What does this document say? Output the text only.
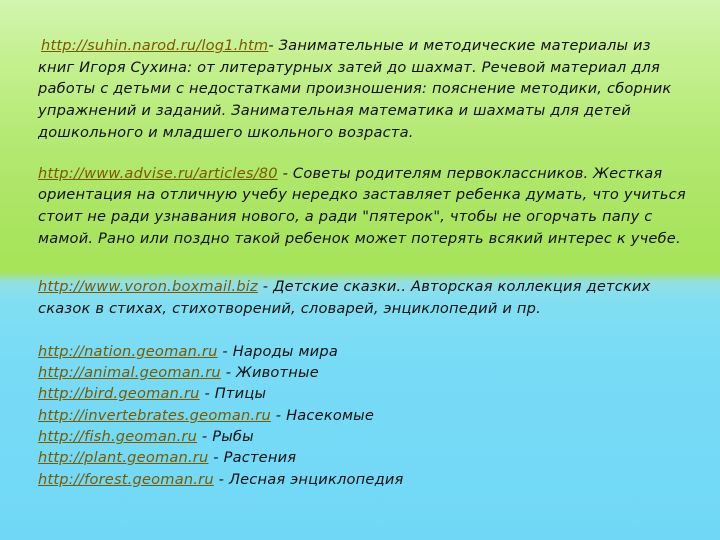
http://suhin.narod.ru/log1.htm- Занимательные и методические материалы из книг Игоря Сухина: от литературных затей до шахмат. Речевой материал для работы с детьми с недостатками произношения: пояснение методики, сборник упражнений и заданий. Занимательная математика и шахматы для детей дошкольного и младшего школьного возраста.

http://www.advise.ru/articles/80 - Советы родителям первоклассников. Жесткая ориентация на отличную учебу нередко заставляет ребенка думать, что учиться стоит не ради узнавания нового, а ради "пятерок", чтобы не огорчать папу с мамой. Рано или поздно такой ребенок может потерять всякий интерес к учебе.

http://www.voron.boxmail.biz - Детские сказки.. Авторская коллекция детских сказок в стихах, стихотворений, словарей, энциклопедий и пр.

http://nation.geoman.ru - Народы мира
http://animal.geoman.ru - Животные
http://bird.geoman.ru - Птицы
http://invertebrates.geoman.ru - Насекомые
http://fish.geoman.ru - Рыбы
http://plant.geoman.ru - Растения
http://forest.geoman.ru - Лесная энциклопедия
